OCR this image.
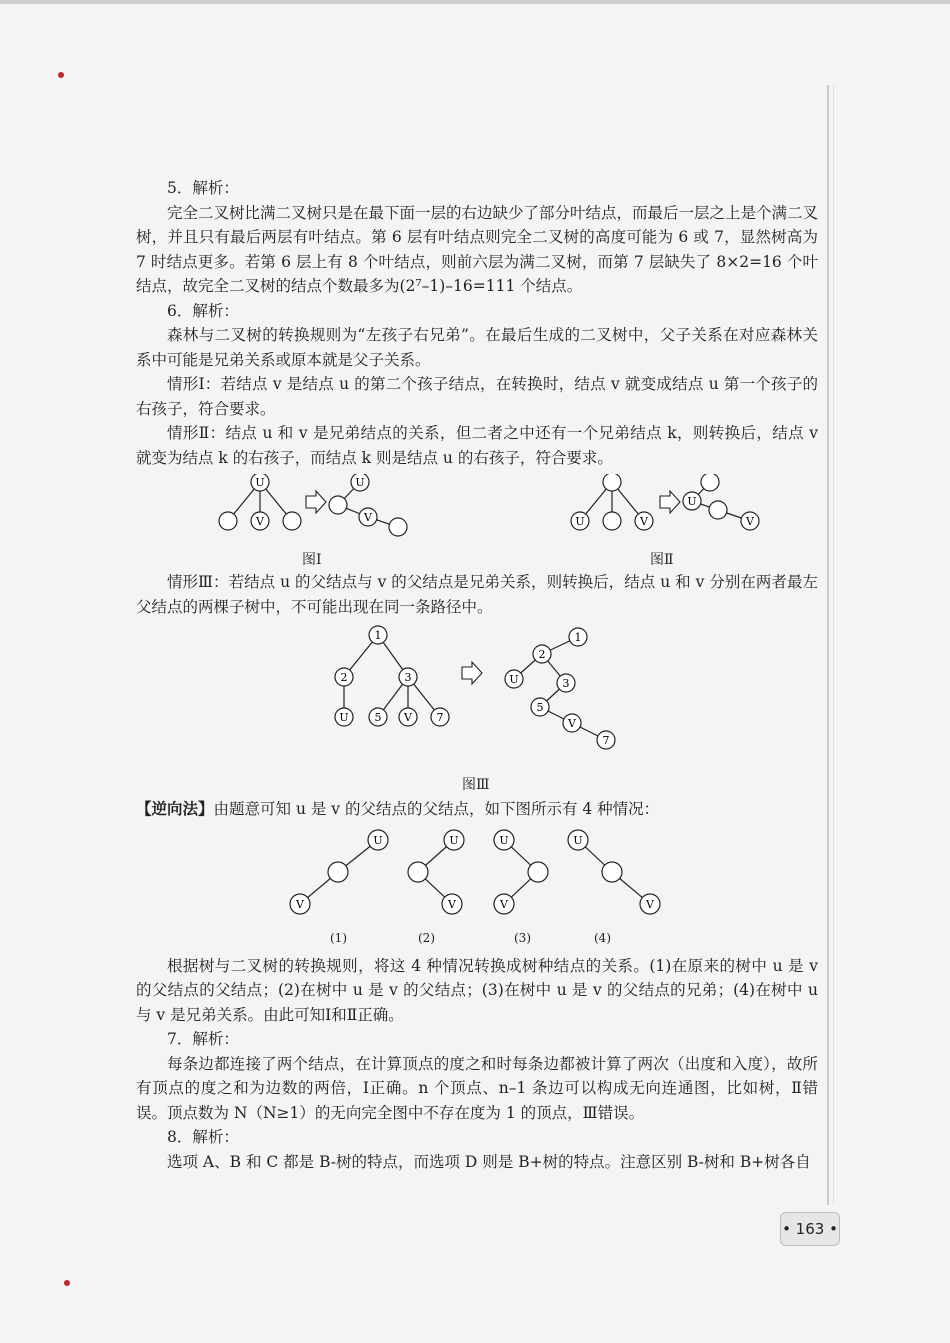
5．解析：

完全二叉树比满二叉树只是在最下面一层的右边缺少了部分叶结点，而最后一层之上是个满二叉树，并且只有最后两层有叶结点。第 6 层有叶结点则完全二叉树的高度可能为 6 或 7，显然树高为 7 时结点更多。若第 6 层上有 8 个叶结点，则前六层为满二叉树，而第 7 层缺失了 8×2=16 个叶结点，故完全二叉树的结点个数最多为(2⁷–1)–16=111 个结点。

6．解析：

森林与二叉树的转换规则为“左孩子右兄弟”。在最后生成的二叉树中，父子关系在对应森林关系中可能是兄弟关系或原本就是父子关系。

情形Ⅰ：若结点 v 是结点 u 的第二个孩子结点，在转换时，结点 v 就变成结点 u 第一个孩子的右孩子，符合要求。

情形Ⅱ：结点 u 和 v 是兄弟结点的关系，但二者之中还有一个兄弟结点 k，则转换后，结点 v 就变为结点 k 的右孩子，而结点 k 则是结点 u 的右孩子，符合要求。

U
V
U
V
图Ⅰ
U	V
U
V
图Ⅱ

情形Ⅲ：若结点 u 的父结点与 v 的父结点是兄弟关系，则转换后，结点 u 和 v 分别在两者最左父结点的两棵子树中，不可能出现在同一条路径中。

1
2	3
U 5 V 7
1
2
U	3
5
V
7
图Ⅲ

【逆向法】由题意可知 u 是 v 的父结点的父结点，如下图所示有 4 种情况：

U
V
U
V
U
V
U
V
(1)	(2)	(3)	(4)

根据树与二叉树的转换规则，将这 4 种情况转换成树种结点的关系。(1)在原来的树中 u 是 v 的父结点的父结点；(2)在树中 u 是 v 的父结点；(3)在树中 u 是 v 的父结点的兄弟；(4)在树中 u 与 v 是兄弟关系。由此可知Ⅰ和Ⅱ正确。

7．解析：

每条边都连接了两个结点，在计算顶点的度之和时每条边都被计算了两次（出度和入度），故所有顶点的度之和为边数的两倍，Ⅰ正确。n 个顶点、n–1 条边可以构成无向连通图，比如树，Ⅱ错误。顶点数为 N（N≥1）的无向完全图中不存在度为 1 的顶点，Ⅲ错误。

8．解析：

选项 A、B 和 C 都是 B-树的特点，而选项 D 则是 B+树的特点。注意区别 B-树和 B+树各自

• 163 •
